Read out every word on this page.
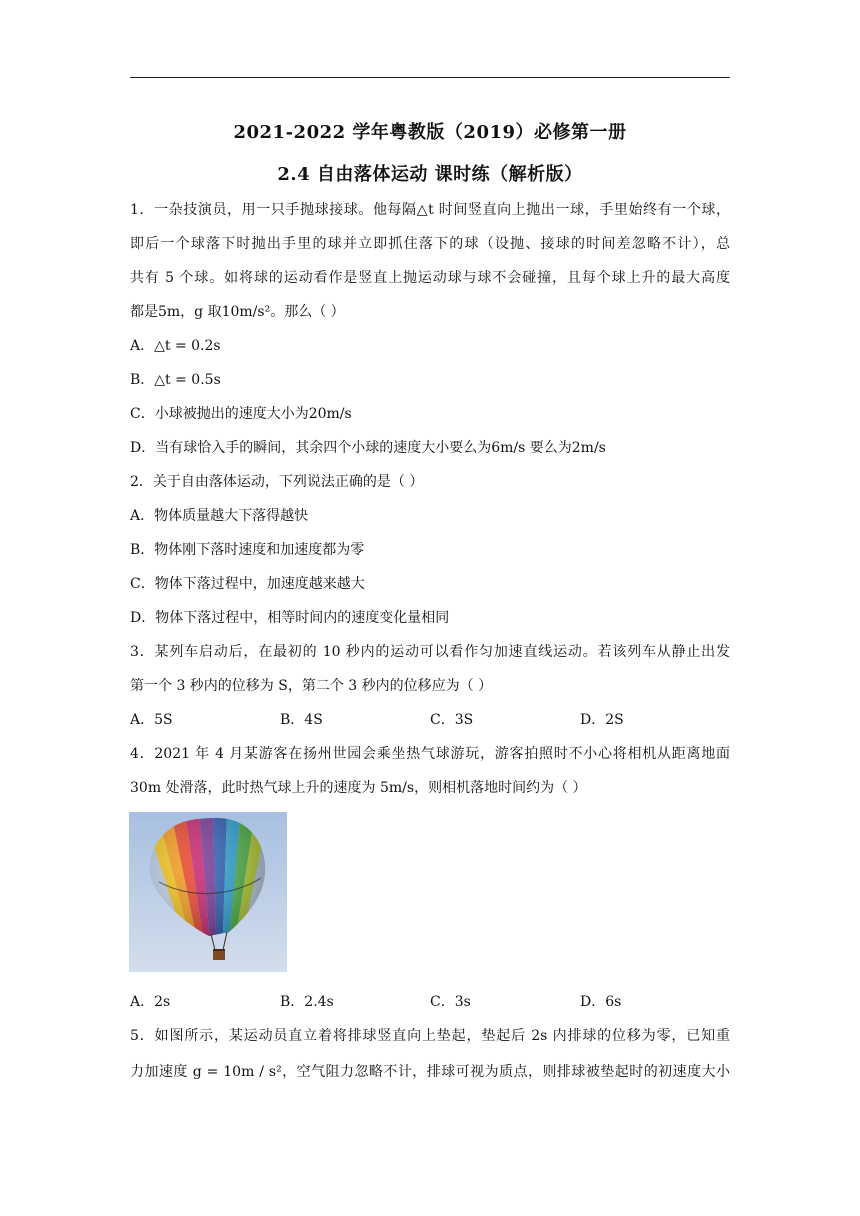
2021-2022 学年粤教版（2019）必修第一册
2.4 自由落体运动 课时练（解析版）
1．一杂技演员，用一只手抛球接球。他每隔△t 时间竖直向上抛出一球，手里始终有一个球，
即后一个球落下时抛出手里的球并立即抓住落下的球（设抛、接球的时间差忽略不计），总
共有 5 个球。如将球的运动看作是竖直上抛运动球与球不会碰撞，且每个球上升的最大高度
都是5m，g 取10m/s²。那么（ ）
A．△t = 0.2s
B．△t = 0.5s
C．小球被抛出的速度大小为20m/s
D．当有球恰入手的瞬间，其余四个小球的速度大小要么为6m/s 要么为2m/s
2．关于自由落体运动，下列说法正确的是（ ）
A．物体质量越大下落得越快
B．物体刚下落时速度和加速度都为零
C．物体下落过程中，加速度越来越大
D．物体下落过程中，相等时间内的速度变化量相同
3．某列车启动后，在最初的 10 秒内的运动可以看作匀加速直线运动。若该列车从静止出发
第一个 3 秒内的位移为 S，第二个 3 秒内的位移应为（ ）
A．5S	B．4S	C．3S	D．2S
4．2021 年 4 月某游客在扬州世园会乘坐热气球游玩，游客拍照时不小心将相机从距离地面
30m 处滑落，此时热气球上升的速度为 5m/s，则相机落地时间约为（ ）
A．2s	B．2.4s	C．3s	D．6s
5．如图所示，某运动员直立着将排球竖直向上垫起，垫起后 2s 内排球的位移为零，已知重
力加速度 g = 10m / s²，空气阻力忽略不计，排球可视为质点，则排球被垫起时的初速度大小
